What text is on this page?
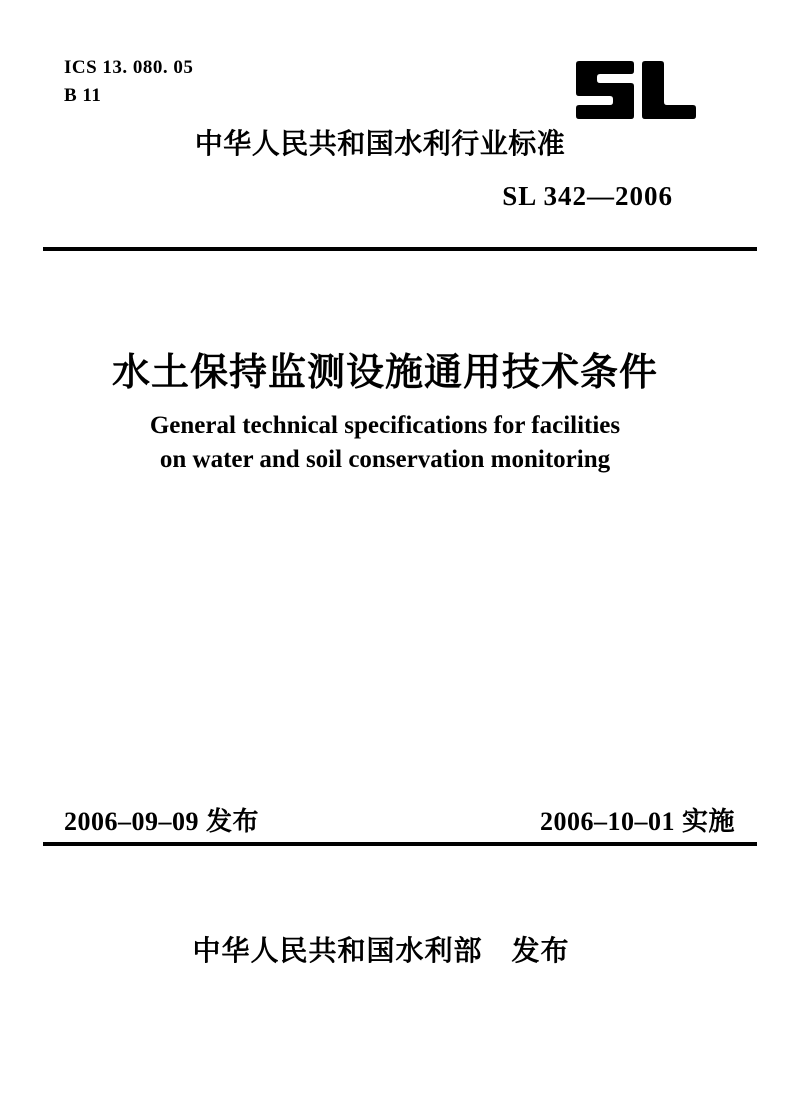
ICS 13. 080. 05
B 11
中华人民共和国水利行业标准
SL 342—2006
水土保持监测设施通用技术条件
General technical specifications for facilities
on water and soil conservation monitoring
2006–09–09 发布	2006–10–01 实施
中华人民共和国水利部　发布
